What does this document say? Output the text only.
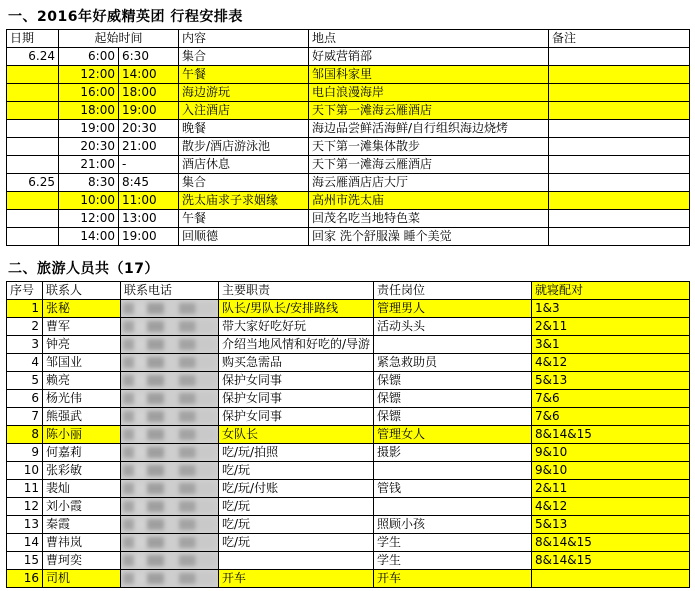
一、2016年好威精英团 行程安排表
日期	起始时间		内容	地点	备注
6.24	6:00	6:30	集合	好威营销部	
	12:00	14:00	午餐	邹国科家里	
	16:00	18:00	海边游玩	电白浪漫海岸	
	18:00	19:00	入注酒店	天下第一滩海云雁酒店	
	19:00	20:30	晚餐	海边品尝鲜活海鲜/自行组织海边烧烤	
	20:30	21:00	散步/酒店游泳池	天下第一滩集体散步	
	21:00	-	酒店休息	天下第一滩海云雁酒店	
6.25	8:30	8:45	集合	海云雁酒店店大厅	
	10:00	11:00	洗太庙求子求姻缘	高州市洗太庙	
	12:00	13:00	午餐	回茂名吃当地特色菜	
	14:00	19:00	回顺德	回家 洗个舒服澡 睡个美觉	
二、旅游人员共（17）
序号	联系人	联系电话	主要职责	责任岗位	就寝配对
1	张秘		队长/男队长/安排路线	管理男人	1&3
2	曹军		带大家好吃好玩	活动头头	2&11
3	钟亮		介绍当地风情和好吃的/导游		3&1
4	邹国业		购买急需品	紧急救助员	4&12
5	赖亮		保护女同事	保镖	5&13
6	杨光伟		保护女同事	保镖	7&6
7	熊强武		保护女同事	保镖	7&6
8	陈小丽		女队长	管理女人	8&14&15
9	何嘉莉		吃/玩/拍照	摄影	9&10
10	张彩敏		吃/玩		9&10
11	裴灿		吃/玩/付账	管钱	2&11
12	刘小霞		吃/玩		4&12
13	秦霞		吃/玩	照顾小孩	5&13
14	曹祎岚		吃/玩	学生	8&14&15
15	曹珂奕			学生	8&14&15
16	司机		开车	开车	
